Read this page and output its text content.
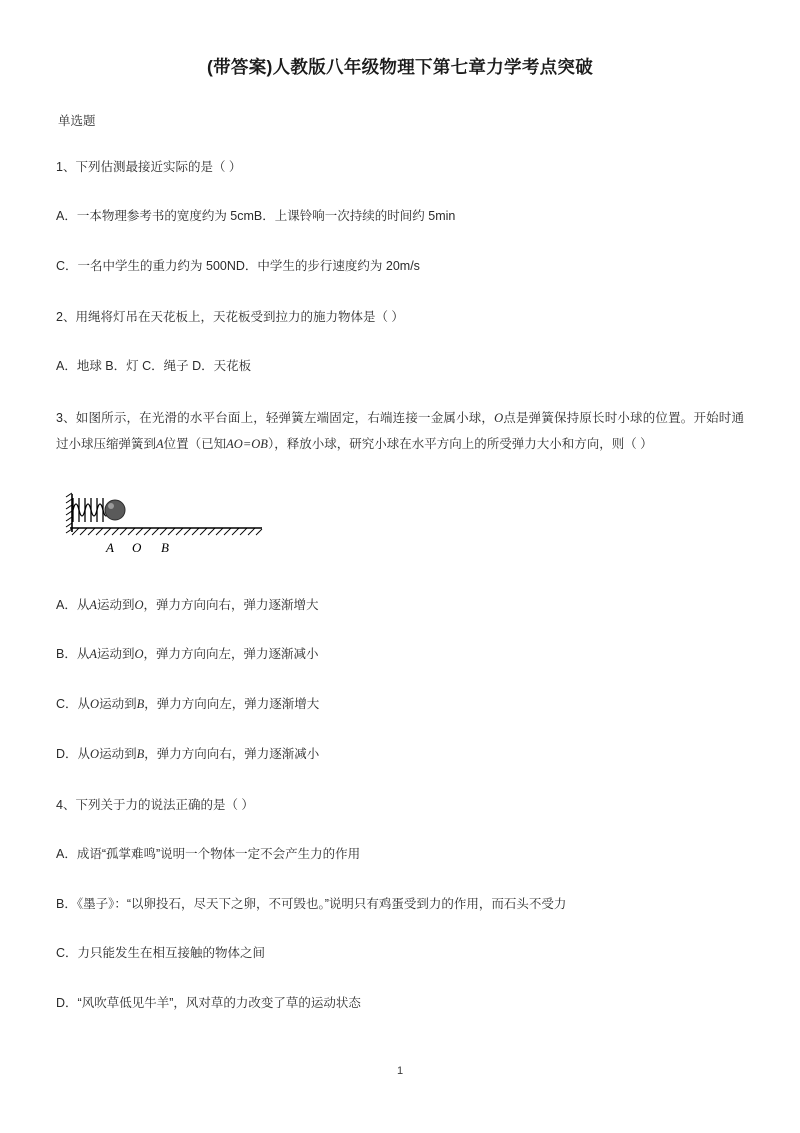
(带答案)人教版八年级物理下第七章力学考点突破
单选题
1、下列估测最接近实际的是（ ）
A．一本物理参考书的宽度约为 5cmB．上课铃响一次持续的时间约 5min
C．一名中学生的重力约为 500ND．中学生的步行速度约为 20m/s
2、用绳将灯吊在天花板上，天花板受到拉力的施力物体是（ ）
A．地球 B．灯 C．绳子 D．天花板
3、如图所示，在光滑的水平台面上，轻弹簧左端固定，右端连接一金属小球，O点是弹簧保持原长时小球的位置。开始时通过小球压缩弹簧到A位置（已知AO=OB），释放小球，研究小球在水平方向上的所受弹力大小和方向，则（ ）
A O B
A．从A运动到O，弹力方向向右，弹力逐渐增大
B．从A运动到O，弹力方向向左，弹力逐渐减小
C．从O运动到B，弹力方向向左，弹力逐渐增大
D．从O运动到B，弹力方向向右，弹力逐渐减小
4、下列关于力的说法正确的是（ ）
A．成语“孤掌难鸣”说明一个物体一定不会产生力的作用
B．《墨子》：“以卵投石，尽天下之卵，不可毁也。”说明只有鸡蛋受到力的作用，而石头不受力
C．力只能发生在相互接触的物体之间
D．“风吹草低见牛羊”，风对草的力改变了草的运动状态
1
